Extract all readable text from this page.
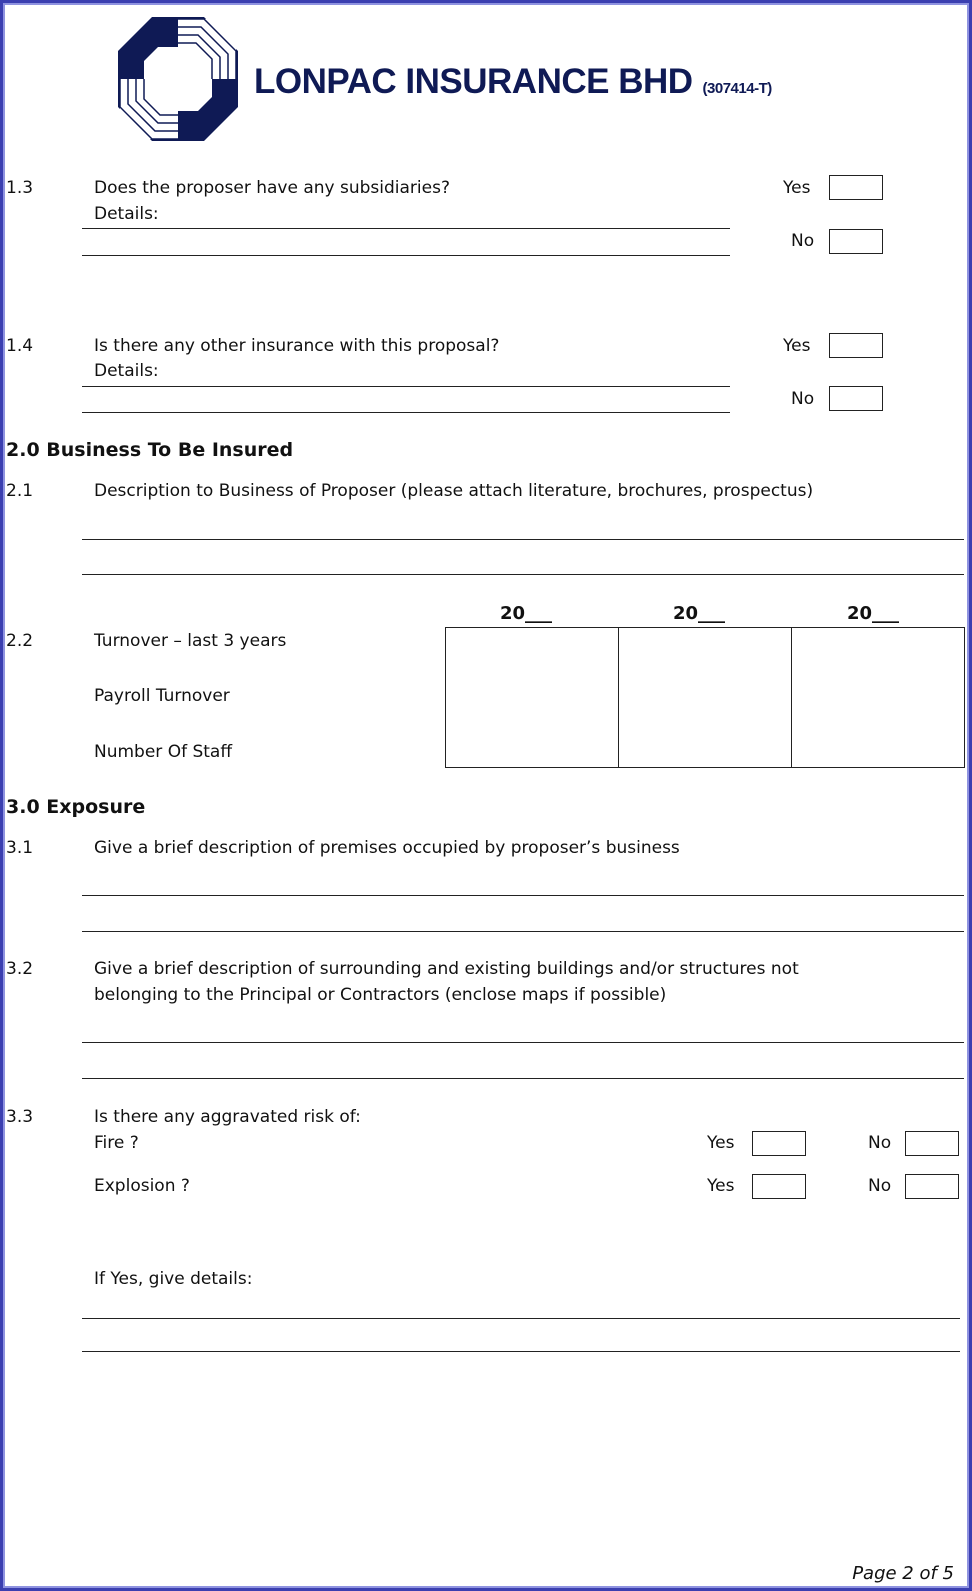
LONPAC INSURANCE BHD (307414-T)
1.3	Does the proposer have any subsidiaries?
Details:
Yes
No
1.4	Is there any other insurance with this proposal?
Details:
Yes
No
2.0 Business To Be Insured
2.1	Description to Business of Proposer (please attach literature, brochures, prospectus)
20___	20___	20___
2.2	Turnover – last 3 years
Payroll Turnover
Number Of Staff
3.0 Exposure
3.1	Give a brief description of premises occupied by proposer’s business
3.2	Give a brief description of surrounding and existing buildings and/or structures not
belonging to the Principal or Contractors (enclose maps if possible)
3.3	Is there any aggravated risk of:
Fire ?	Yes	No
Explosion ?	Yes	No
If Yes, give details:
Page 2 of 5
